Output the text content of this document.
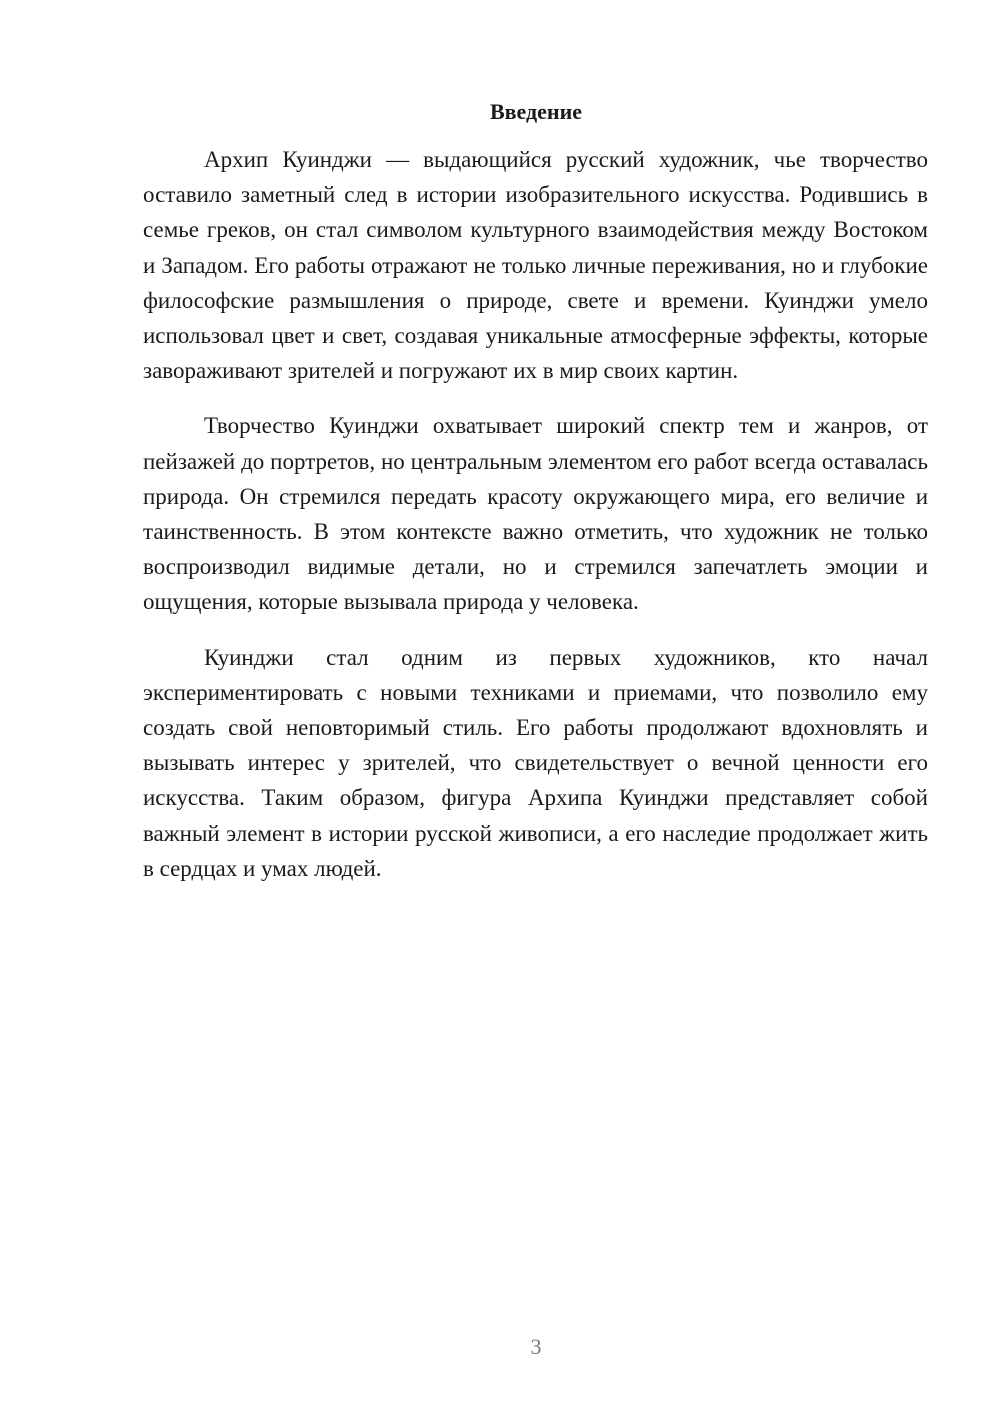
Введение

Архип Куинджи — выдающийся русский художник, чье творчество оставило заметный след в истории изобразительного искусства. Родившись в семье греков, он стал символом культурного взаимодействия между Востоком и Западом. Его работы отражают не только личные переживания, но и глубокие философские размышления о природе, свете и времени. Куинджи умело использовал цвет и свет, создавая уникальные атмосферные эффекты, которые завораживают зрителей и погружают их в мир своих картин.

Творчество Куинджи охватывает широкий спектр тем и жанров, от пейзажей до портретов, но центральным элементом его работ всегда оставалась природа. Он стремился передать красоту окружающего мира, его величие и таинственность. В этом контексте важно отметить, что художник не только воспроизводил видимые детали, но и стремился запечатлеть эмоции и ощущения, которые вызывала природа у человека.

Куинджи стал одним из первых художников, кто начал экспериментировать с новыми техниками и приемами, что позволило ему создать свой неповторимый стиль. Его работы продолжают вдохновлять и вызывать интерес у зрителей, что свидетельствует о вечной ценности его искусства. Таким образом, фигура Архипа Куинджи представляет собой важный элемент в истории русской живописи, а его наследие продолжает жить в сердцах и умах людей.

3
